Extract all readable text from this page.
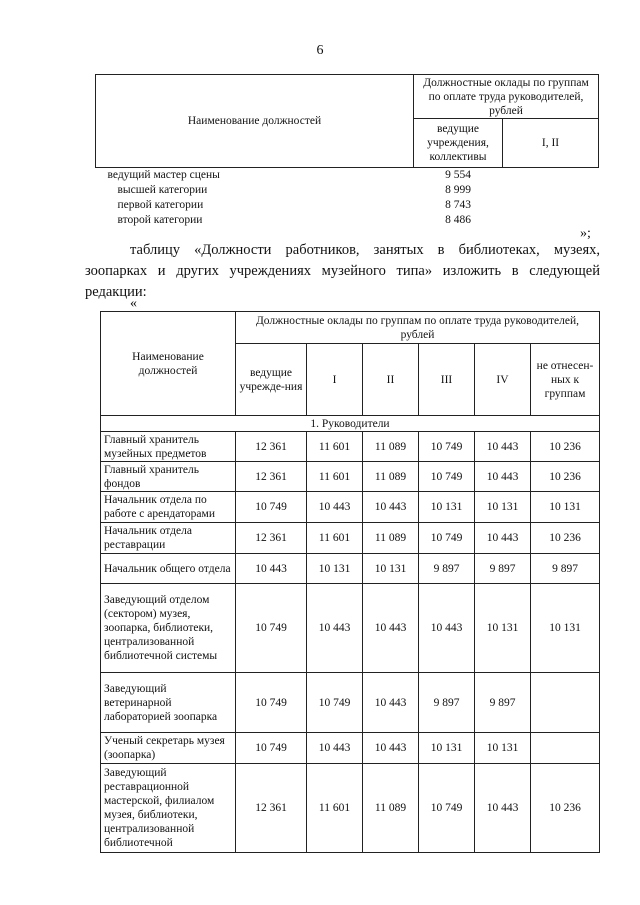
6
Наименование должностей	Должностные оклады по группам по оплате труда руководителей, рублей	
	ведущие учреждения, коллективы	I, II
ведущий мастер сцены	9 554	
высшей категории	8 999	
первой категории	8 743	
второй категории	8 486	
»;
таблицу «Должности работников, занятых в библиотеках, музеях, зоопарках и других учреждениях музейного типа» изложить в следующей редакции:
«
Наименование должностей	Должностные оклады по группам по оплате труда руководителей, рублей					
	ведущие учрежде-ния	I	II	III	IV	не отнесен-ных к группам
1. Руководители						
Главный хранитель музейных предметов	12 361	11 601	11 089	10 749	10 443	10 236
Главный хранитель фондов	12 361	11 601	11 089	10 749	10 443	10 236
Начальник отдела по работе с арендаторами	10 749	10 443	10 443	10 131	10 131	10 131
Начальник отдела реставрации	12 361	11 601	11 089	10 749	10 443	10 236
Начальник общего отдела	10 443	10 131	10 131	9 897	9 897	9 897
Заведующий отделом (сектором) музея, зоопарка, библиотеки, централизованной библиотечной системы	10 749	10 443	10 443	10 443	10 131	10 131
Заведующий ветеринарной лабораторией зоопарка	10 749	10 749	10 443	9 897	9 897	
Ученый секретарь музея (зоопарка)	10 749	10 443	10 443	10 131	10 131	
Заведующий реставрационной мастерской, филиалом музея, библиотеки, централизованной библиотечной	12 361	11 601	11 089	10 749	10 443	10 236
